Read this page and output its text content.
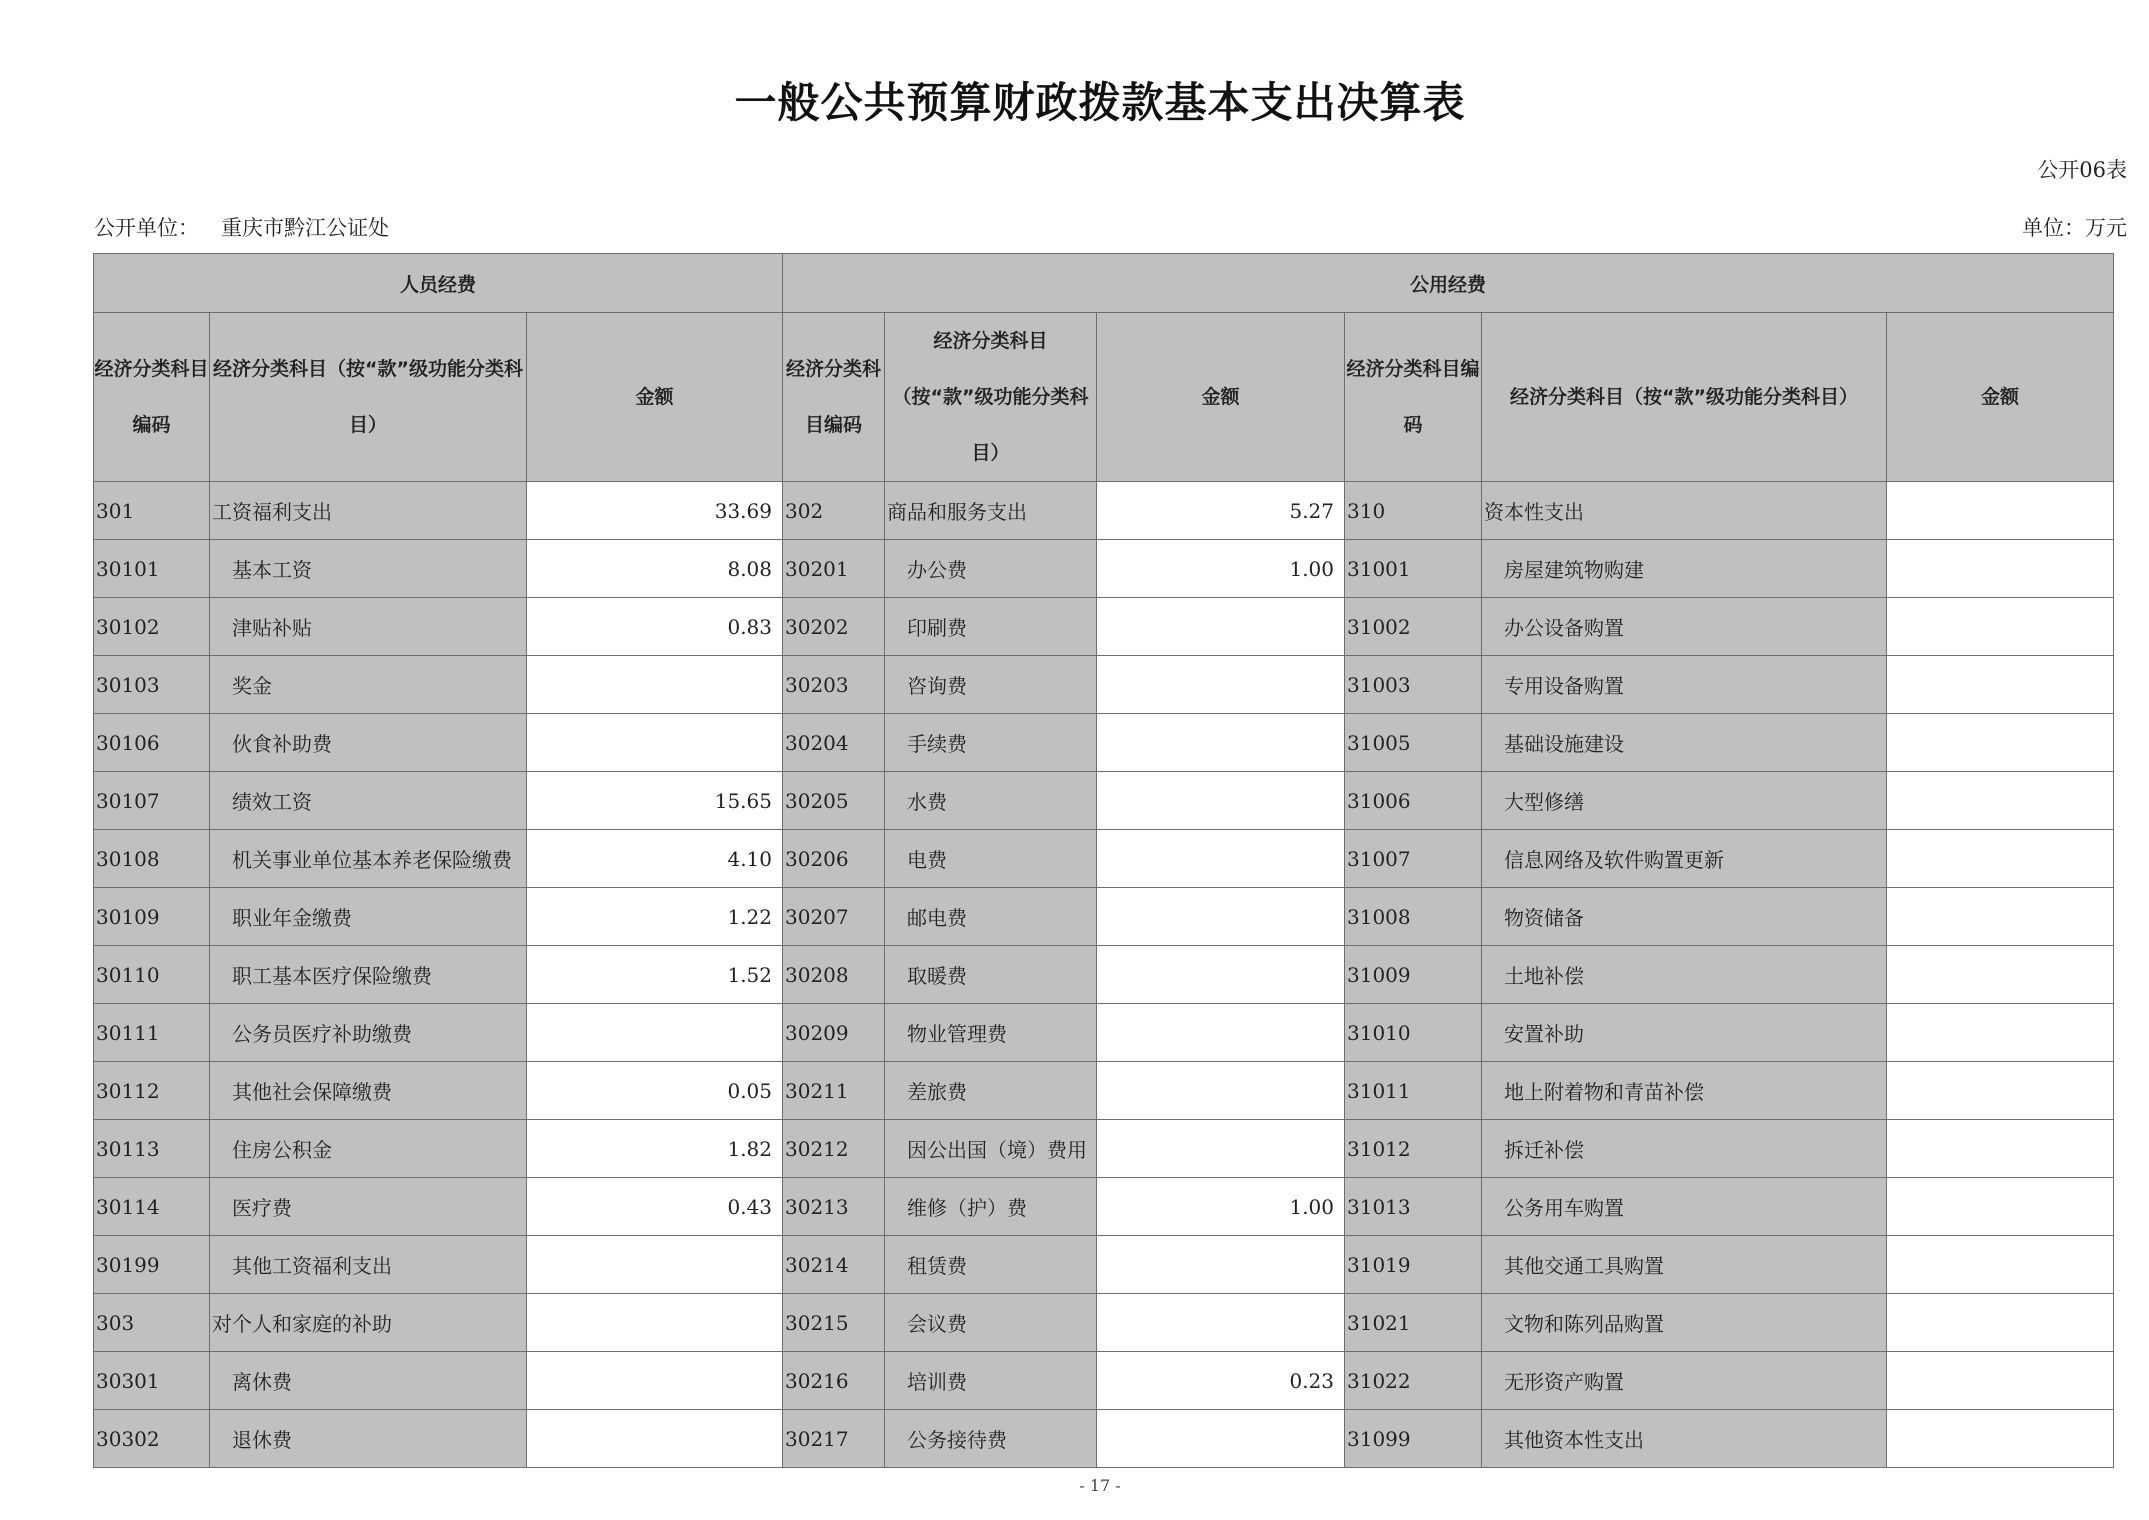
一般公共预算财政拨款基本支出决算表
公开06表
公开单位： 重庆市黔江公证处	单位：万元
人员经费			公用经费					
经济分类科目编码	经济分类科目（按“款”级功能分类科目）	金额	经济分类科目编码	经济分类科目（按“款”级功能分类科目）	金额	经济分类科目编码	经济分类科目（按“款”级功能分类科目）	金额
301	工资福利支出	33.69	302	商品和服务支出	5.27	310	资本性支出	
30101	基本工资	8.08	30201	办公费	1.00	31001	房屋建筑物购建	
30102	津贴补贴	0.83	30202	印刷费		31002	办公设备购置	
30103	奖金		30203	咨询费		31003	专用设备购置	
30106	伙食补助费		30204	手续费		31005	基础设施建设	
30107	绩效工资	15.65	30205	水费		31006	大型修缮	
30108	机关事业单位基本养老保险缴费	4.10	30206	电费		31007	信息网络及软件购置更新	
30109	职业年金缴费	1.22	30207	邮电费		31008	物资储备	
30110	职工基本医疗保险缴费	1.52	30208	取暖费		31009	土地补偿	
30111	公务员医疗补助缴费		30209	物业管理费		31010	安置补助	
30112	其他社会保障缴费	0.05	30211	差旅费		31011	地上附着物和青苗补偿	
30113	住房公积金	1.82	30212	因公出国（境）费用		31012	拆迁补偿	
30114	医疗费	0.43	30213	维修（护）费	1.00	31013	公务用车购置	
30199	其他工资福利支出		30214	租赁费		31019	其他交通工具购置	
303	对个人和家庭的补助		30215	会议费		31021	文物和陈列品购置	
30301	离休费		30216	培训费	0.23	31022	无形资产购置	
30302	退休费		30217	公务接待费		31099	其他资本性支出	
- 17 -
